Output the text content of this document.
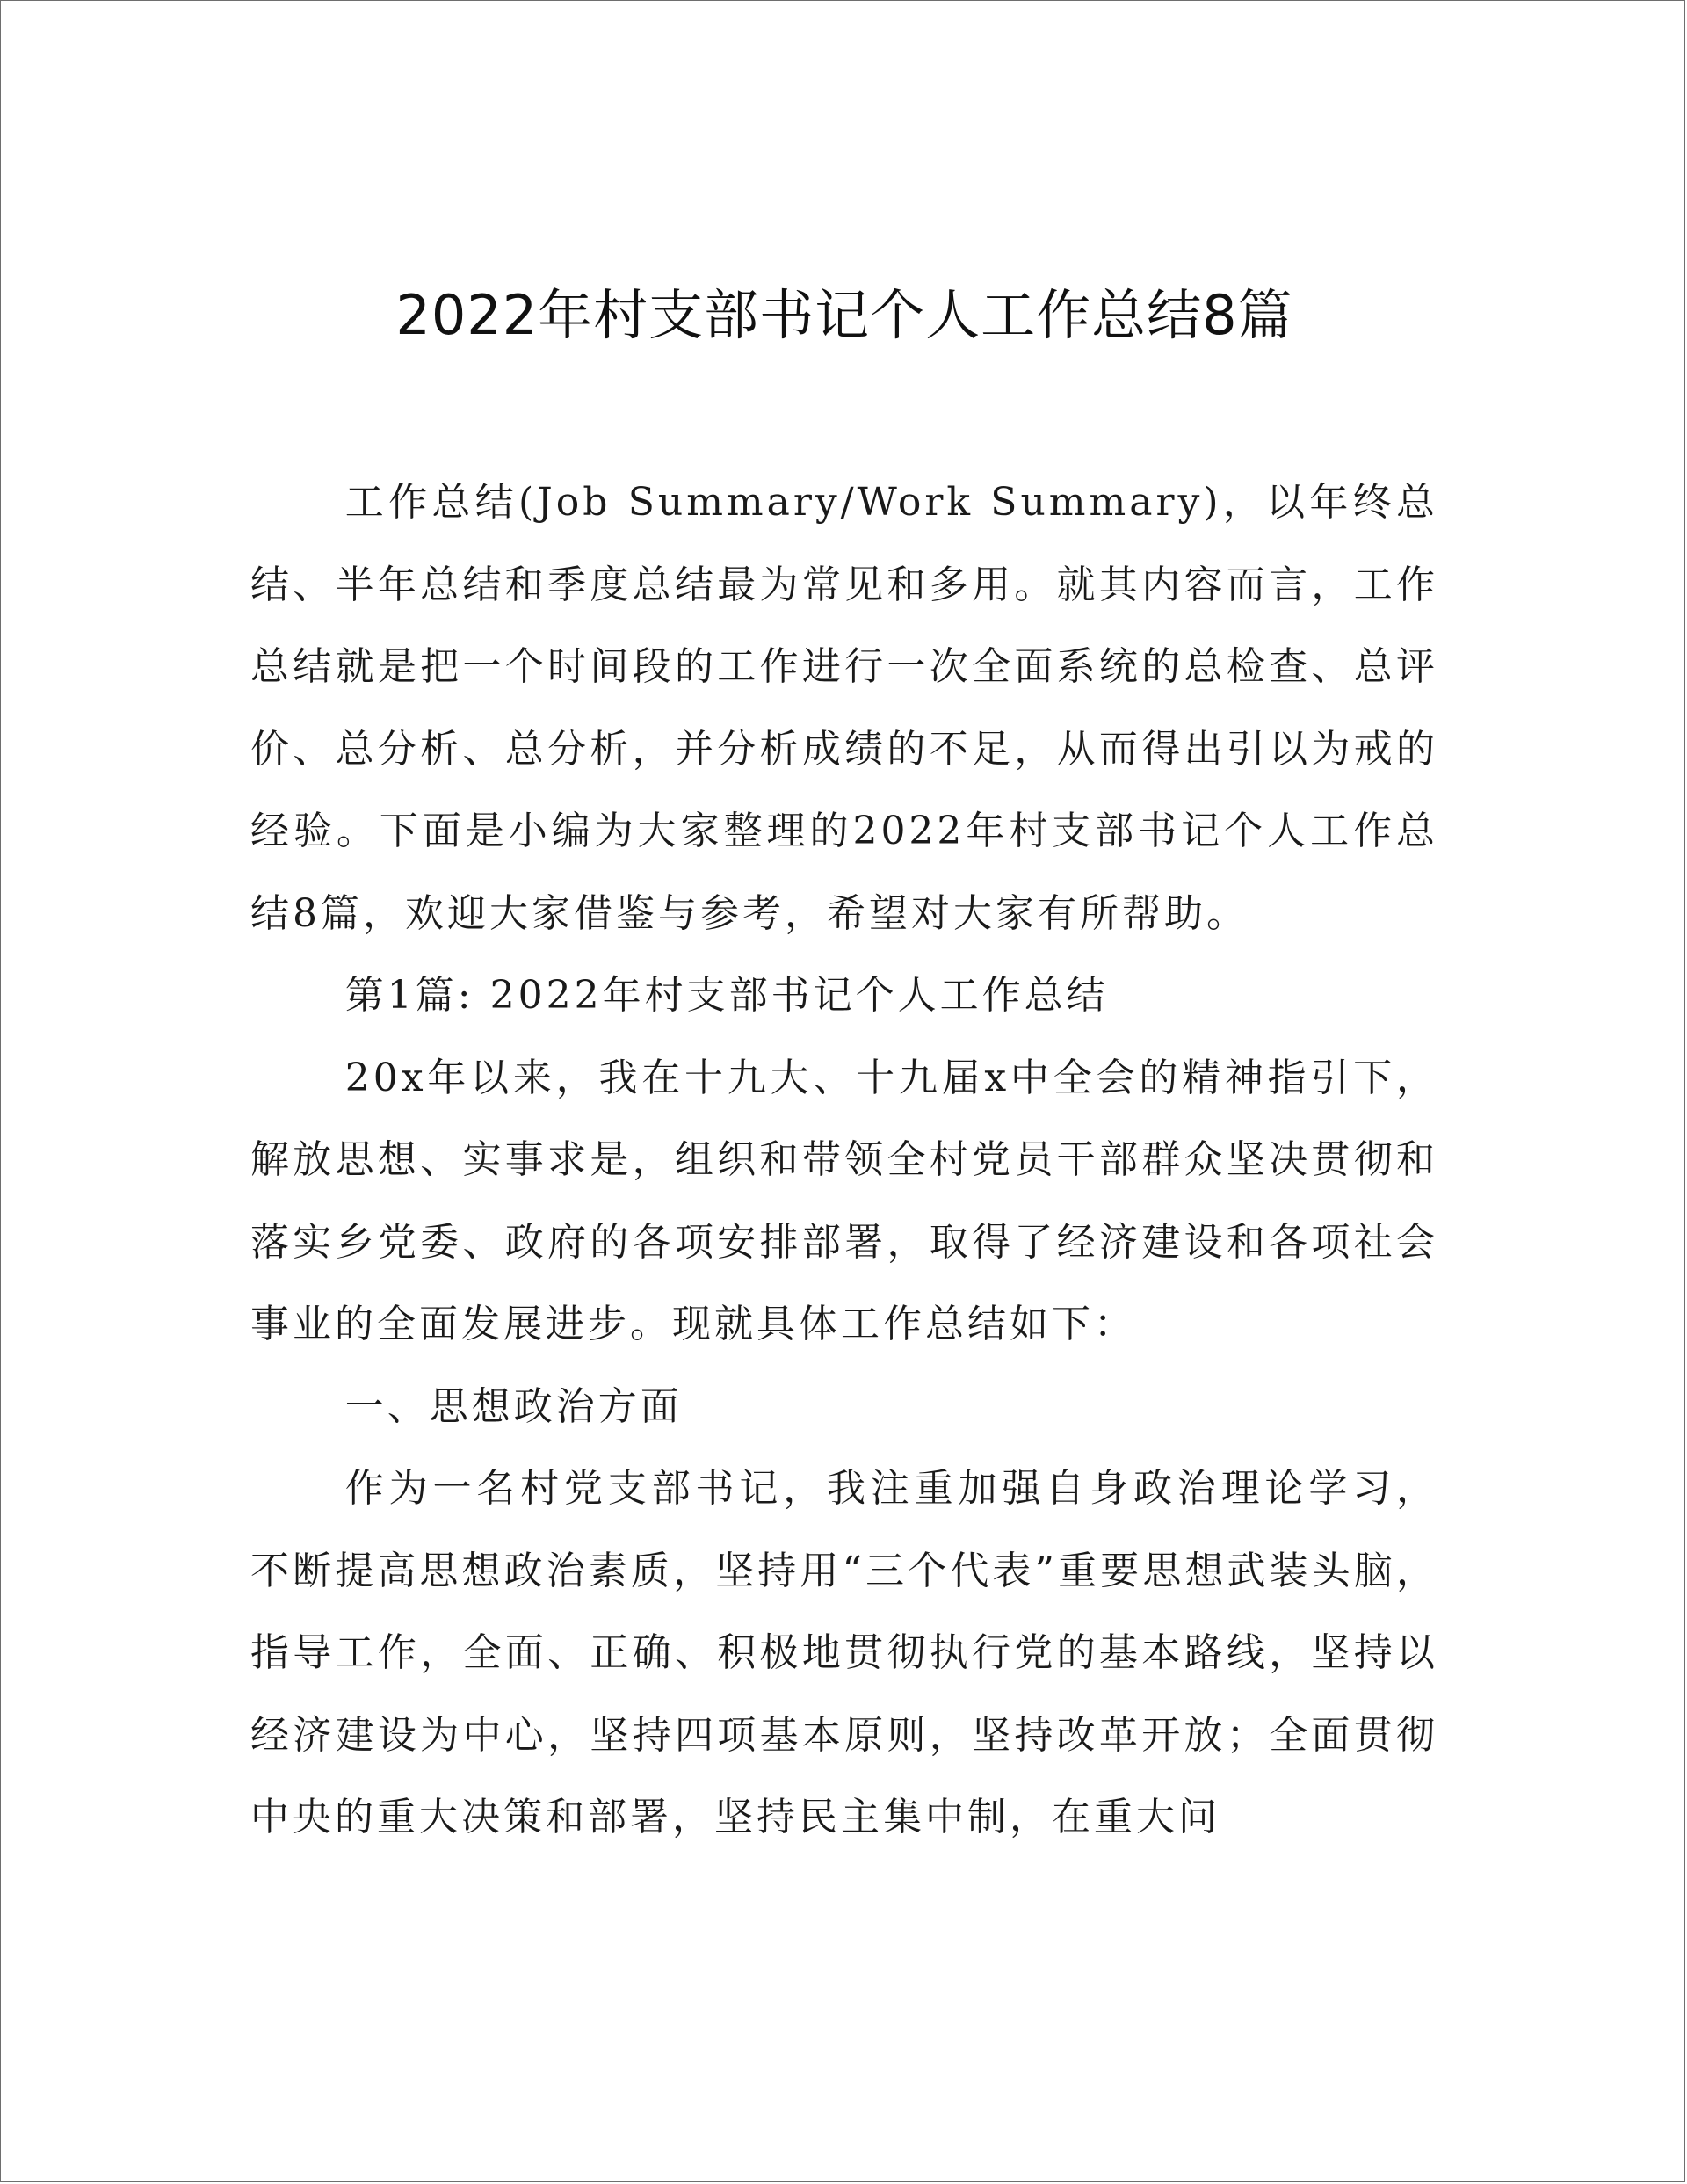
2022年村支部书记个人工作总结8篇

工作总结(Job Summary/Work Summary)，以年终总结、半年总结和季度总结最为常见和多用。就其内容而言，工作总结就是把一个时间段的工作进行一次全面系统的总检查、总评价、总分析、总分析，并分析成绩的不足，从而得出引以为戒的经验。下面是小编为大家整理的2022年村支部书记个人工作总结8篇，欢迎大家借鉴与参考，希望对大家有所帮助。

第1篇: 2022年村支部书记个人工作总结

20x年以来，我在十九大、十九届x中全会的精神指引下，解放思想、实事求是，组织和带领全村党员干部群众坚决贯彻和落实乡党委、政府的各项安排部署，取得了经济建设和各项社会事业的全面发展进步。现就具体工作总结如下：

一、思想政治方面

作为一名村党支部书记，我注重加强自身政治理论学习，不断提高思想政治素质，坚持用“三个代表”重要思想武装头脑，指导工作，全面、正确、积极地贯彻执行党的基本路线，坚持以经济建设为中心，坚持四项基本原则，坚持改革开放；全面贯彻中央的重大决策和部署，坚持民主集中制，在重大问
